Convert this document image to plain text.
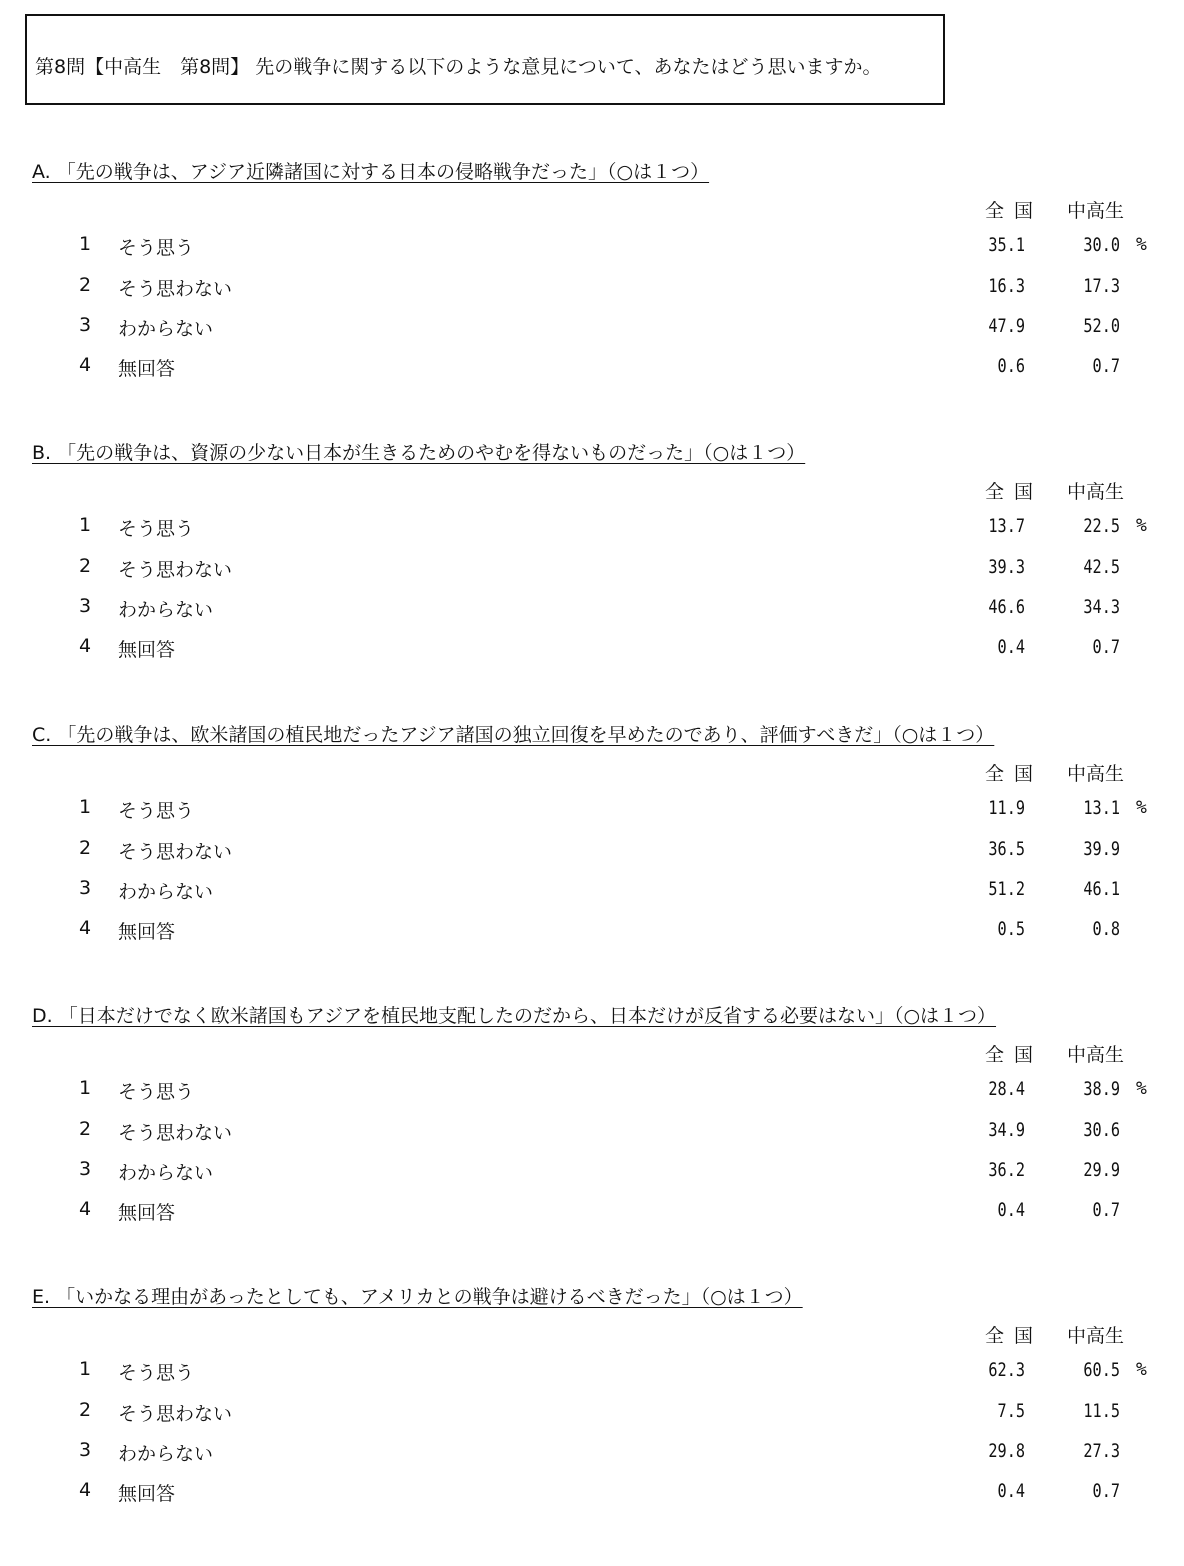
第8問【中高生　第8問】 先の戦争に関する以下のような意見について、あなたはどう思いますか。
A. 「先の戦争は、アジア近隣諸国に対する日本の侵略戦争だった」（○は１つ）
全 国 中高生
1 そう思う	35.1	30.0 %
2 そう思わない	16.3	17.3
3 わからない	47.9	52.0
4 無回答	0.6	0.7
B. 「先の戦争は、資源の少ない日本が生きるためのやむを得ないものだった」（○は１つ）
全 国 中高生
1 そう思う	13.7	22.5 %
2 そう思わない	39.3	42.5
3 わからない	46.6	34.3
4 無回答	0.4	0.7
C. 「先の戦争は、欧米諸国の植民地だったアジア諸国の独立回復を早めたのであり、評価すべきだ」（○は１つ）
全 国 中高生
1 そう思う	11.9	13.1 %
2 そう思わない	36.5	39.9
3 わからない	51.2	46.1
4 無回答	0.5	0.8
D. 「日本だけでなく欧米諸国もアジアを植民地支配したのだから、日本だけが反省する必要はない」（○は１つ）
全 国 中高生
1 そう思う	28.4	38.9 %
2 そう思わない	34.9	30.6
3 わからない	36.2	29.9
4 無回答	0.4	0.7
E. 「いかなる理由があったとしても、アメリカとの戦争は避けるべきだった」（○は１つ）
全 国 中高生
1 そう思う	62.3	60.5 %
2 そう思わない	7.5	11.5
3 わからない	29.8	27.3
4 無回答	0.4	0.7
